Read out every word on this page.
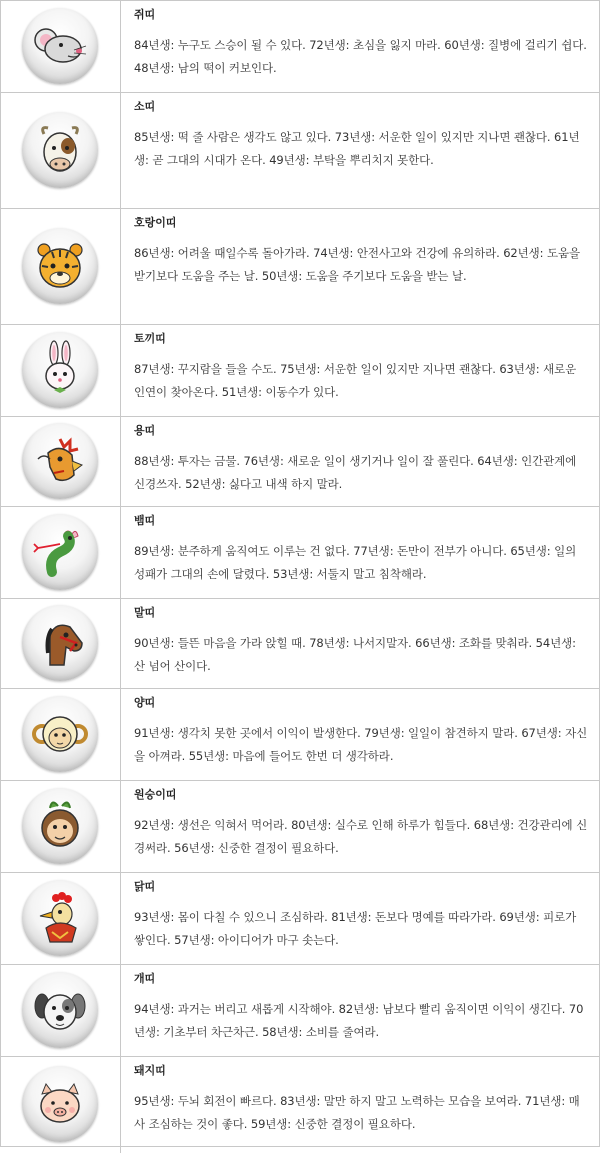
쥐띠
84년생: 누구도 스승이 될 수 있다. 72년생: 초심을 잃지 마라. 60년생: 질병에 걸리기 쉽다. 48년생: 남의 떡이 커보인다.
소띠
85년생: 떡 줄 사람은 생각도 않고 있다. 73년생: 서운한 일이 있지만 지나면 괜찮다. 61년생: 곧 그대의 시대가 온다. 49년생: 부탁을 뿌리치지 못한다.
호랑이띠
86년생: 어려울 때일수록 돌아가라. 74년생: 안전사고와 건강에 유의하라. 62년생: 도움을 받기보다 도움을 주는 날. 50년생: 도움을 주기보다 도움을 받는 날.
토끼띠
87년생: 꾸지람을 들을 수도. 75년생: 서운한 일이 있지만 지나면 괜찮다. 63년생: 새로운 인연이 찾아온다. 51년생: 이동수가 있다.
용띠
88년생: 투자는 금물. 76년생: 새로운 일이 생기거나 일이 잘 풀린다. 64년생: 인간관계에 신경쓰자. 52년생: 싫다고 내색 하지 말라.
뱀띠
89년생: 분주하게 움직여도 이루는 건 없다. 77년생: 돈만이 전부가 아니다. 65년생: 일의 성패가 그대의 손에 달렸다. 53년생: 서둘지 말고 침착해라.
말띠
90년생: 들뜬 마음을 가라 앉힐 때. 78년생: 나서지말자. 66년생: 조화를 맞춰라. 54년생: 산 넘어 산이다.
양띠
91년생: 생각치 못한 곳에서 이익이 발생한다. 79년생: 일일이 참견하지 말라. 67년생: 자신을 아껴라. 55년생: 마음에 들어도 한번 더 생각하라.
원숭이띠
92년생: 생선은 익혀서 먹어라. 80년생: 실수로 인해 하루가 힘들다. 68년생: 건강관리에 신경써라. 56년생: 신중한 결정이 필요하다.
닭띠
93년생: 몸이 다칠 수 있으니 조심하라. 81년생: 돈보다 명예를 따라가라. 69년생: 피로가 쌓인다. 57년생: 아이디어가 마구 솟는다.
개띠
94년생: 과거는 버리고 새롭게 시작해야. 82년생: 남보다 빨리 움직이면 이익이 생긴다. 70년생: 기초부터 차근차근. 58년생: 소비를 줄여라.
돼지띠
95년생: 두뇌 회전이 빠르다. 83년생: 말만 하지 말고 노력하는 모습을 보여라. 71년생: 매사 조심하는 것이 좋다. 59년생: 신중한 결정이 필요하다.
